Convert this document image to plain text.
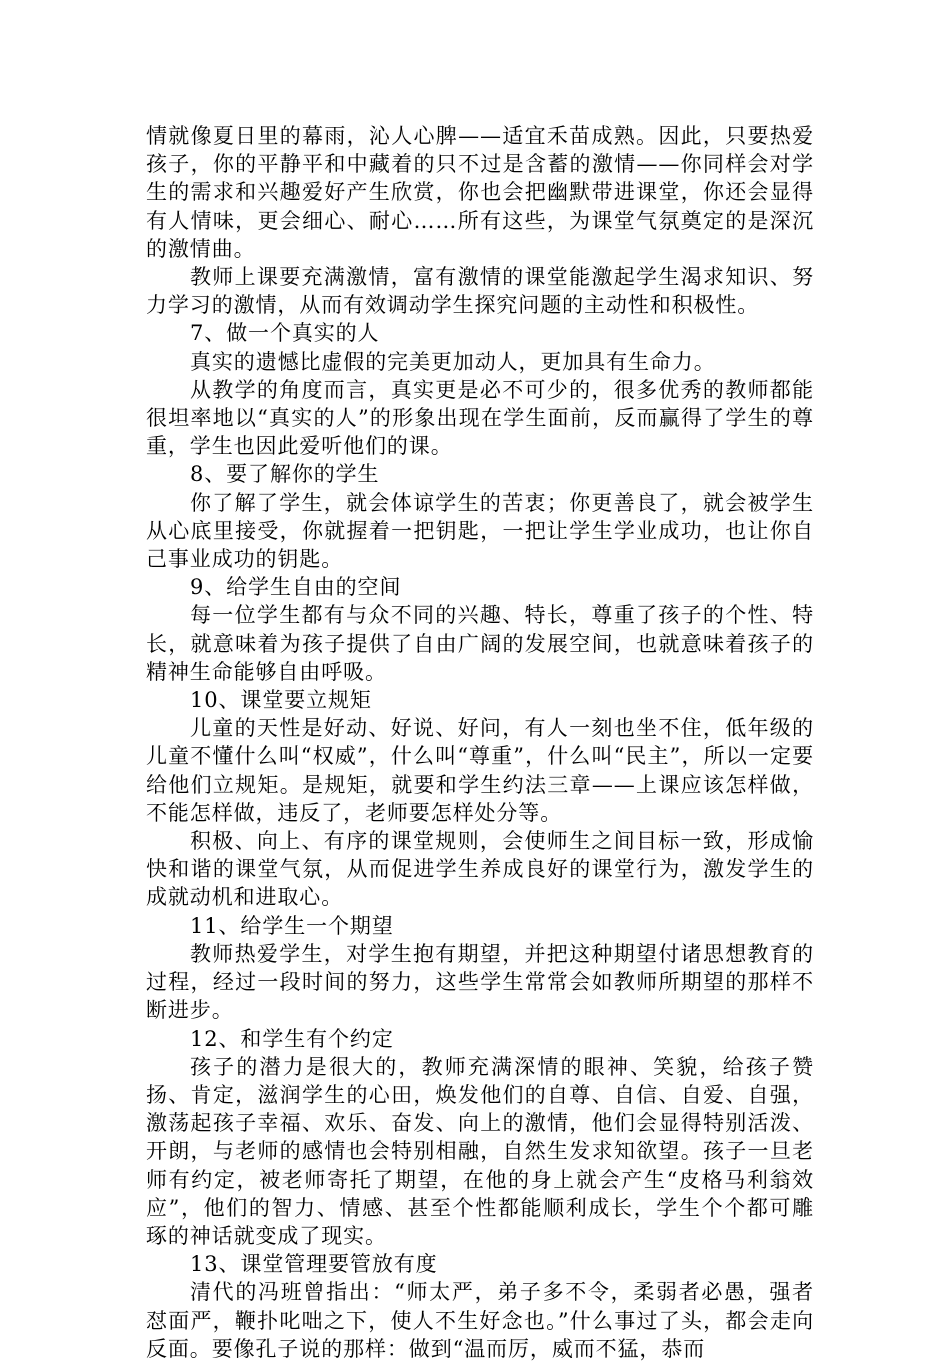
情就像夏日里的幕雨，沁人心脾——适宜禾苗成熟。因此，只要热爱孩子，你的平静平和中藏着的只不过是含蓄的激情——你同样会对学生的需求和兴趣爱好产生欣赏，你也会把幽默带进课堂，你还会显得有人情味，更会细心、耐心……所有这些，为课堂气氛奠定的是深沉的激情曲。

教师上课要充满激情，富有激情的课堂能激起学生渴求知识、努力学习的激情，从而有效调动学生探究问题的主动性和积极性。

7、做一个真实的人

真实的遗憾比虚假的完美更加动人，更加具有生命力。

从教学的角度而言，真实更是必不可少的，很多优秀的教师都能很坦率地以“真实的人”的形象出现在学生面前，反而赢得了学生的尊重，学生也因此爱听他们的课。

8、要了解你的学生

你了解了学生，就会体谅学生的苦衷；你更善良了，就会被学生从心底里接受，你就握着一把钥匙，一把让学生学业成功，也让你自己事业成功的钥匙。

9、给学生自由的空间

每一位学生都有与众不同的兴趣、特长，尊重了孩子的个性、特长，就意味着为孩子提供了自由广阔的发展空间，也就意味着孩子的精神生命能够自由呼吸。

10、课堂要立规矩

儿童的天性是好动、好说、好问，有人一刻也坐不住，低年级的儿童不懂什么叫“权威”，什么叫“尊重”，什么叫“民主”，所以一定要给他们立规矩。是规矩，就要和学生约法三章——上课应该怎样做，不能怎样做，违反了，老师要怎样处分等。

积极、向上、有序的课堂规则，会使师生之间目标一致，形成愉快和谐的课堂气氛，从而促进学生养成良好的课堂行为，激发学生的成就动机和进取心。

11、给学生一个期望

教师热爱学生，对学生抱有期望，并把这种期望付诸思想教育的过程，经过一段时间的努力，这些学生常常会如教师所期望的那样不断进步。

12、和学生有个约定

孩子的潜力是很大的，教师充满深情的眼神、笑貌，给孩子赞扬、肯定，滋润学生的心田，焕发他们的自尊、自信、自爱、自强，激荡起孩子幸福、欢乐、奋发、向上的激情，他们会显得特别活泼、开朗，与老师的感情也会特别相融，自然生发求知欲望。孩子一旦老师有约定，被老师寄托了期望，在他的身上就会产生“皮格马利翁效应”，他们的智力、情感、甚至个性都能顺利成长，学生个个都可雕琢的神话就变成了现实。

13、课堂管理要管放有度

清代的冯班曾指出：“师太严，弟子多不令，柔弱者必愚，强者怼面严，鞭扑叱咄之下，使人不生好念也。”什么事过了头，都会走向反面。要像孔子说的那样：做到“温而厉，威而不猛，恭而
